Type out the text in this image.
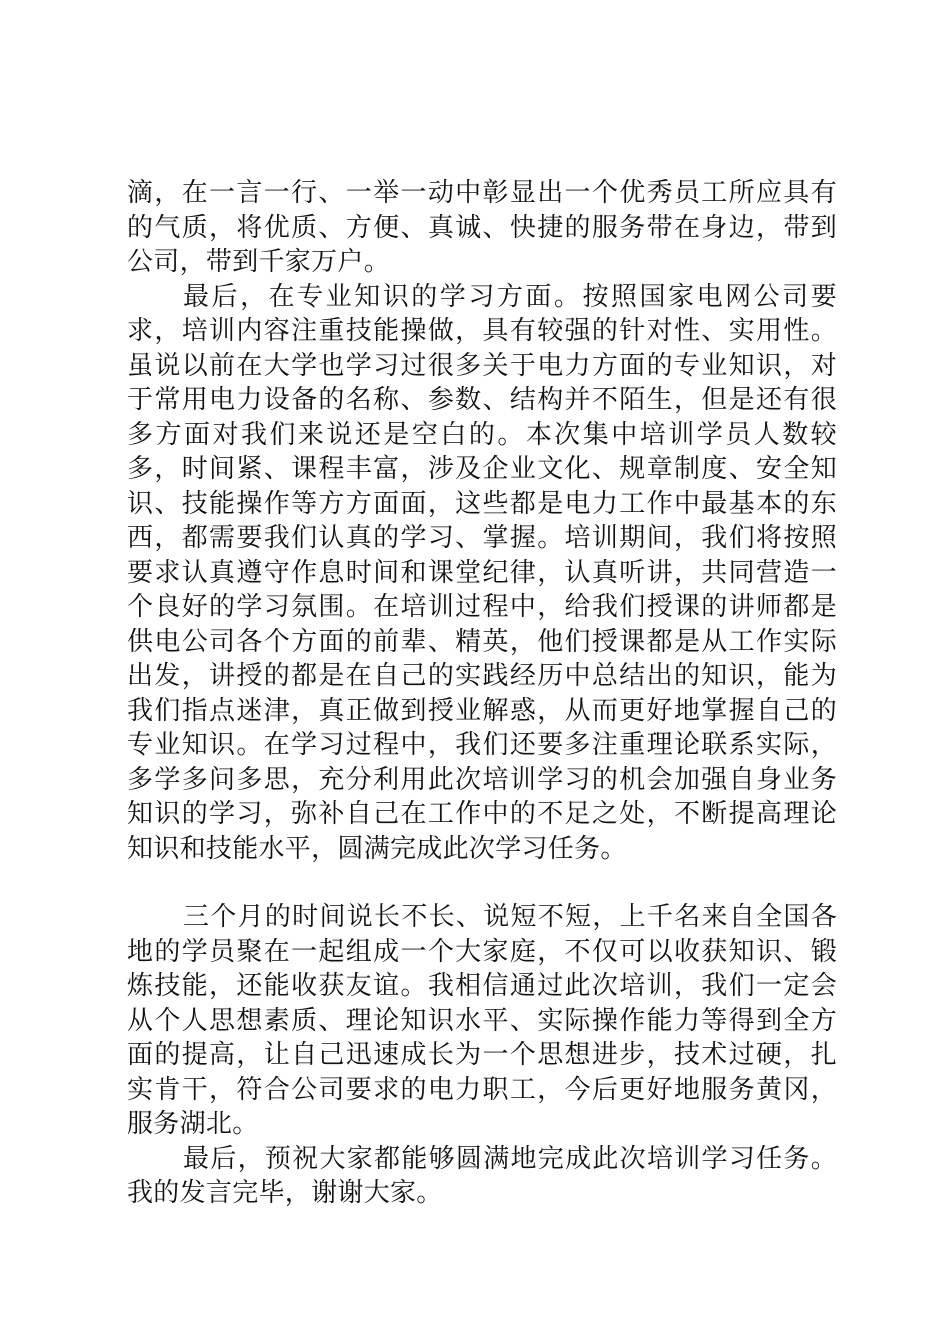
滴，在一言一行、一举一动中彰显出一个优秀员工所应具有的气质，将优质、方便、真诚、快捷的服务带在身边，带到公司，带到千家万户。

最后，在专业知识的学习方面。按照国家电网公司要求，培训内容注重技能操做，具有较强的针对性、实用性。虽说以前在大学也学习过很多关于电力方面的专业知识，对于常用电力设备的名称、参数、结构并不陌生，但是还有很多方面对我们来说还是空白的。本次集中培训学员人数较多，时间紧、课程丰富，涉及企业文化、规章制度、安全知识、技能操作等方方面面，这些都是电力工作中最基本的东西，都需要我们认真的学习、掌握。培训期间，我们将按照要求认真遵守作息时间和课堂纪律，认真听讲，共同营造一个良好的学习氛围。在培训过程中，给我们授课的讲师都是供电公司各个方面的前辈、精英，他们授课都是从工作实际出发，讲授的都是在自己的实践经历中总结出的知识，能为我们指点迷津，真正做到授业解惑，从而更好地掌握自己的专业知识。在学习过程中，我们还要多注重理论联系实际，多学多问多思，充分利用此次培训学习的机会加强自身业务知识的学习，弥补自己在工作中的不足之处，不断提高理论知识和技能水平，圆满完成此次学习任务。

三个月的时间说长不长、说短不短，上千名来自全国各地的学员聚在一起组成一个大家庭，不仅可以收获知识、锻炼技能，还能收获友谊。我相信通过此次培训，我们一定会从个人思想素质、理论知识水平、实际操作能力等得到全方面的提高，让自己迅速成长为一个思想进步，技术过硬，扎实肯干，符合公司要求的电力职工，今后更好地服务黄冈，服务湖北。

最后，预祝大家都能够圆满地完成此次培训学习任务。我的发言完毕，谢谢大家。
